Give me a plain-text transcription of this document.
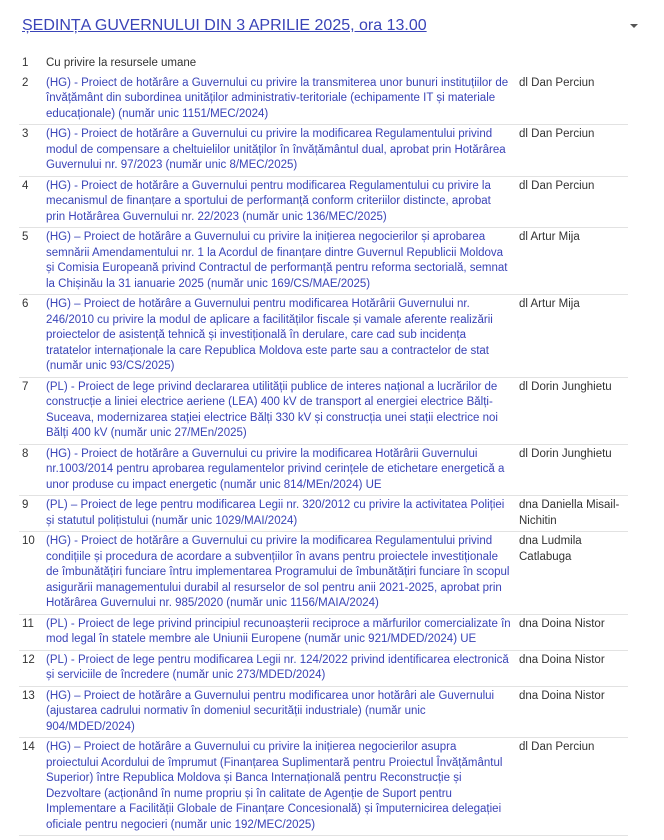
ȘEDINȚA GUVERNULUI DIN 3 APRILIE 2025, ora 13.00
1	Cu privire la resursele umane	
2	(HG) - Proiect de hotărâre a Guvernului cu privire la transmiterea unor bunuri instituțiilor de învățământ din subordinea unităților administrativ-teritoriale (echipamente IT și materiale educaționale) (număr unic 1151/MEC/2024)	dl Dan Perciun
3	(HG) - Proiect de hotărâre a Guvernului cu privire la modificarea Regulamentului privind modul de compensare a cheltuielilor unităților în învățământul dual, aprobat prin Hotărârea Guvernului nr. 97/2023 (număr unic 8/MEC/2025)	dl Dan Perciun
4	(HG) - Proiect de hotărâre a Guvernului pentru modificarea Regulamentului cu privire la mecanismul de finanțare a sportului de performanță conform criteriilor distincte, aprobat prin Hotărârea Guvernului nr. 22/2023 (număr unic 136/MEC/2025)	dl Dan Perciun
5	(HG) – Proiect de hotărâre a Guvernului cu privire la inițierea negocierilor și aprobarea semnării Amendamentului nr. 1 la Acordul de finanțare dintre Guvernul Republicii Moldova și Comisia Europeană privind Contractul de performanță pentru reforma sectorială, semnat la Chișinău la 31 ianuarie 2025 (număr unic 169/CS/MAE/2025)	dl Artur Mija
6	(HG) – Proiect de hotărâre a Guvernului pentru modificarea Hotărârii Guvernului nr. 246/2010 cu privire la modul de aplicare a facilităților fiscale și vamale aferente realizării proiectelor de asistență tehnică și investițională în derulare, care cad sub incidența tratatelor internaționale la care Republica Moldova este parte sau a contractelor de stat (număr unic 93/CS/2025)	dl Artur Mija
7	(PL) - Proiect de lege privind declararea utilității publice de interes național a lucrărilor de construcție a liniei electrice aeriene (LEA) 400 kV de transport al energiei electrice Bălți-Suceava, modernizarea stației electrice Bălți 330 kV și construcția unei stații electrice noi Bălți 400 kV (număr unic 27/MEn/2025)	dl Dorin Junghietu
8	(HG) - Proiect de hotărâre a Guvernului cu privire la modificarea Hotărârii Guvernului nr.1003/2014 pentru aprobarea regulamentelor privind cerințele de etichetare energetică a unor produse cu impact energetic (număr unic 814/MEn/2024) UE	dl Dorin Junghietu
9	(PL) – Proiect de lege pentru modificarea Legii nr. 320/2012 cu privire la activitatea Poliției și statutul polițistului (număr unic 1029/MAI/2024)	dna Daniella Misail-Nichitin
10	(HG) - Proiect de hotărâre a Guvernului cu privire la modificarea Regulamentului privind condițiile și procedura de acordare a subvențiilor în avans pentru proiectele investiționale de îmbunătățiri funciare întru implementarea Programului de îmbunătățiri funciare în scopul asigurării managementului durabil al resurselor de sol pentru anii 2021-2025, aprobat prin Hotărârea Guvernului nr. 985/2020 (număr unic 1156/MAIA/2024)	dna Ludmila Catlabuga
11	(PL) - Proiect de lege privind principiul recunoașterii reciproce a mărfurilor comercializate în mod legal în statele membre ale Uniunii Europene (număr unic 921/MDED/2024) UE	dna Doina Nistor
12	(PL) - Proiect de lege pentru modificarea Legii nr. 124/2022 privind identificarea electronică și serviciile de încredere (număr unic 273/MDED/2024)	dna Doina Nistor
13	(HG) – Proiect de hotărâre a Guvernului pentru modificarea unor hotărâri ale Guvernului (ajustarea cadrului normativ în domeniul securității industriale) (număr unic 904/MDED/2024)	dna Doina Nistor
14	(HG) – Proiect de hotărâre a Guvernului cu privire la inițierea negocierilor asupra proiectului Acordului de împrumut (Finanțarea Suplimentară pentru Proiectul Învățământul Superior) între Republica Moldova și Banca Internațională pentru Reconstrucție și Dezvoltare (acționând în nume propriu și în calitate de Agenție de Suport pentru Implementare a Facilității Globale de Finanțare Concesională) și împuternicirea delegației oficiale pentru negocieri (număr unic 192/MEC/2025)	dl Dan Perciun
